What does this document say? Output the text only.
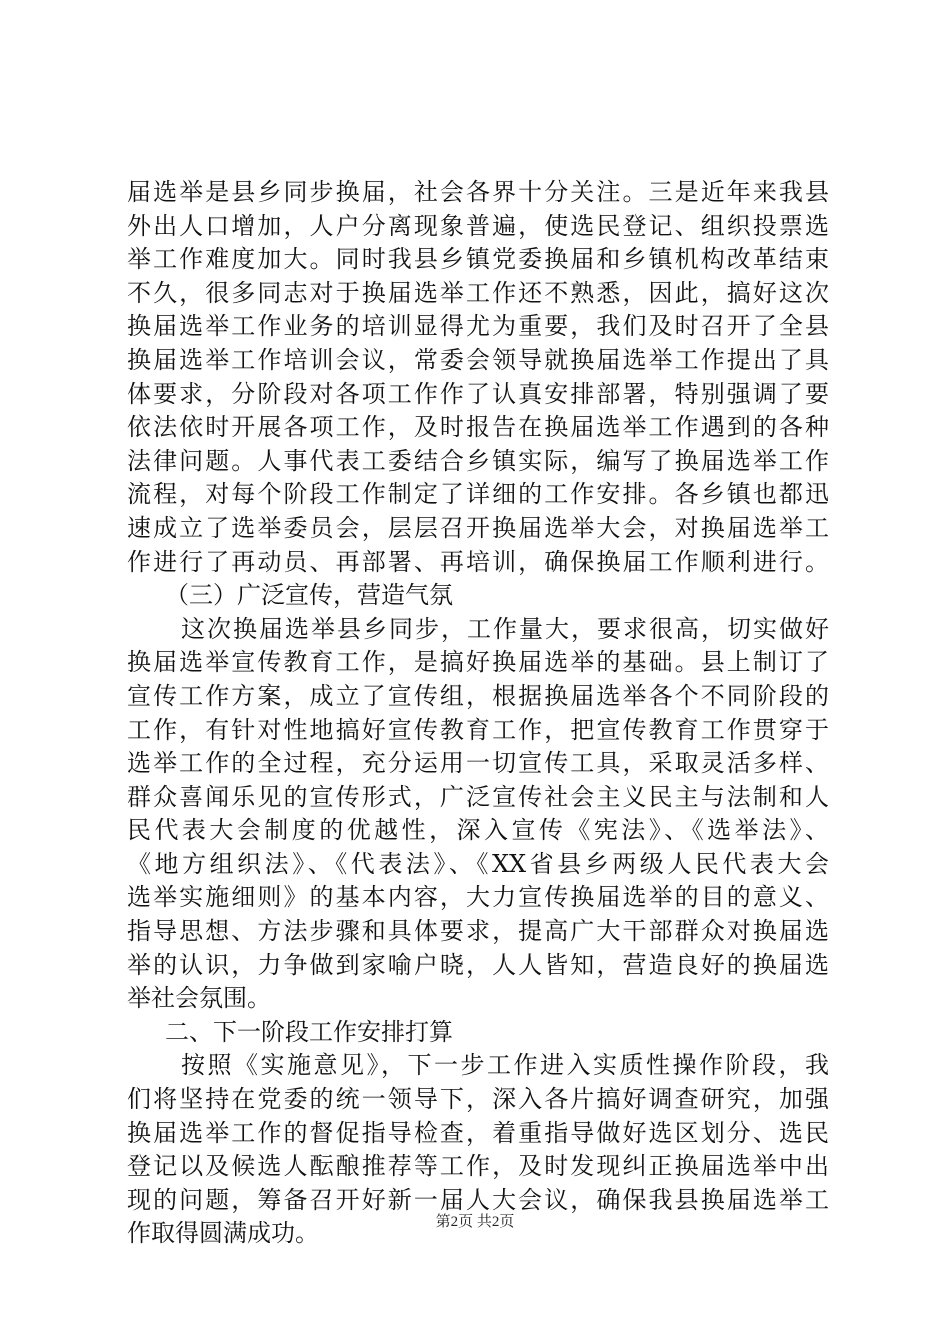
届选举是县乡同步换届，社会各界十分关注。三是近年来我县
外出人口增加，人户分离现象普遍，使选民登记、组织投票选
举工作难度加大。同时我县乡镇党委换届和乡镇机构改革结束
不久，很多同志对于换届选举工作还不熟悉，因此，搞好这次
换届选举工作业务的培训显得尤为重要，我们及时召开了全县
换届选举工作培训会议，常委会领导就换届选举工作提出了具
体要求，分阶段对各项工作作了认真安排部署，特别强调了要
依法依时开展各项工作，及时报告在换届选举工作遇到的各种
法律问题。人事代表工委结合乡镇实际，编写了换届选举工作
流程，对每个阶段工作制定了详细的工作安排。各乡镇也都迅
速成立了选举委员会，层层召开换届选举大会，对换届选举工
作进行了再动员、再部署、再培训，确保换届工作顺利进行。
（三）广泛宣传，营造气氛
这次换届选举县乡同步，工作量大，要求很高，切实做好
换届选举宣传教育工作，是搞好换届选举的基础。县上制订了
宣传工作方案，成立了宣传组，根据换届选举各个不同阶段的
工作，有针对性地搞好宣传教育工作，把宣传教育工作贯穿于
选举工作的全过程，充分运用一切宣传工具，采取灵活多样、
群众喜闻乐见的宣传形式，广泛宣传社会主义民主与法制和人
民代表大会制度的优越性，深入宣传《宪法》、《选举法》、
《地方组织法》、《代表法》、《XX省县乡两级人民代表大会
选举实施细则》的基本内容，大力宣传换届选举的目的意义、
指导思想、方法步骤和具体要求，提高广大干部群众对换届选
举的认识，力争做到家喻户晓，人人皆知，营造良好的换届选
举社会氛围。
二、下一阶段工作安排打算
按照《实施意见》，下一步工作进入实质性操作阶段，我
们将坚持在党委的统一领导下，深入各片搞好调查研究，加强
换届选举工作的督促指导检查，着重指导做好选区划分、选民
登记以及候选人酝酿推荐等工作，及时发现纠正换届选举中出
现的问题，筹备召开好新一届人大会议，确保我县换届选举工
作取得圆满成功。	第2页 共2页
